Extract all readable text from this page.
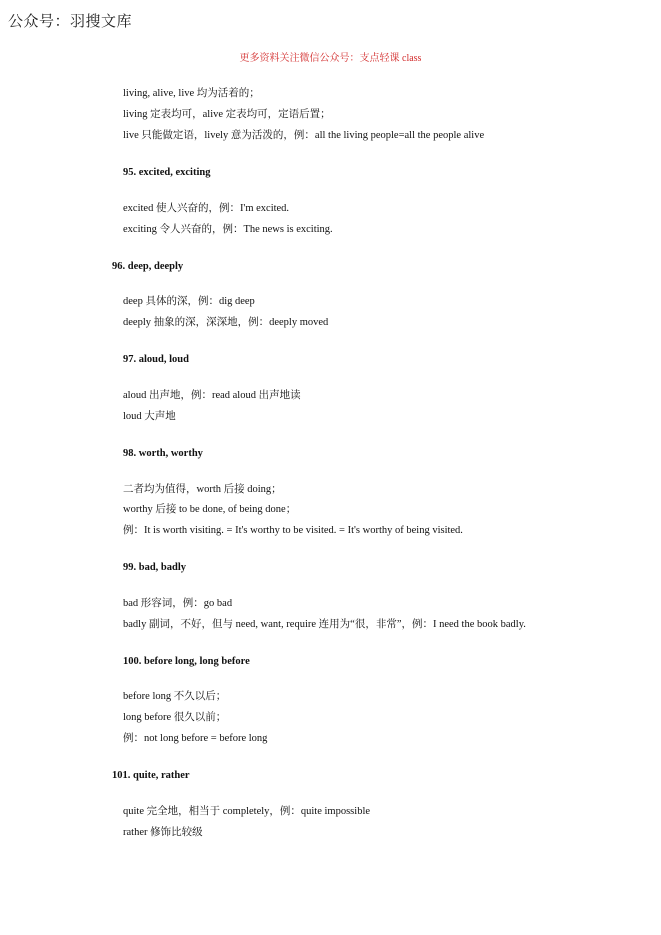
公众号：羽搜文库
更多资料关注微信公众号：支点轻课 class
living, alive, live 均为活着的；
living 定表均可，alive 定表均可，定语后置；
live 只能做定语，lively 意为活泼的，例：all the living people=all the people alive
95. excited, exciting
excited 使人兴奋的，例：I'm excited.
exciting 令人兴奋的，例：The news is exciting.
96. deep, deeply
deep 具体的深，例：dig deep
deeply 抽象的深，深深地，例：deeply moved
97. aloud, loud
aloud 出声地，例：read aloud 出声地读
loud 大声地
98. worth, worthy
二者均为值得，worth 后接 doing；
worthy 后接 to be done, of being done；
例：It is worth visiting. = It's worthy to be visited. = It's worthy of being visited.
99. bad, badly
bad 形容词，例：go bad
badly 副词，不好，但与 need, want, require 连用为“很，非常”，例：I need the book badly.
100. before long, long before
before long 不久以后；
long before 很久以前；
例：not long before = before long
101. quite, rather
quite 完全地，相当于 completely，例：quite impossible
rather 修饰比较级
